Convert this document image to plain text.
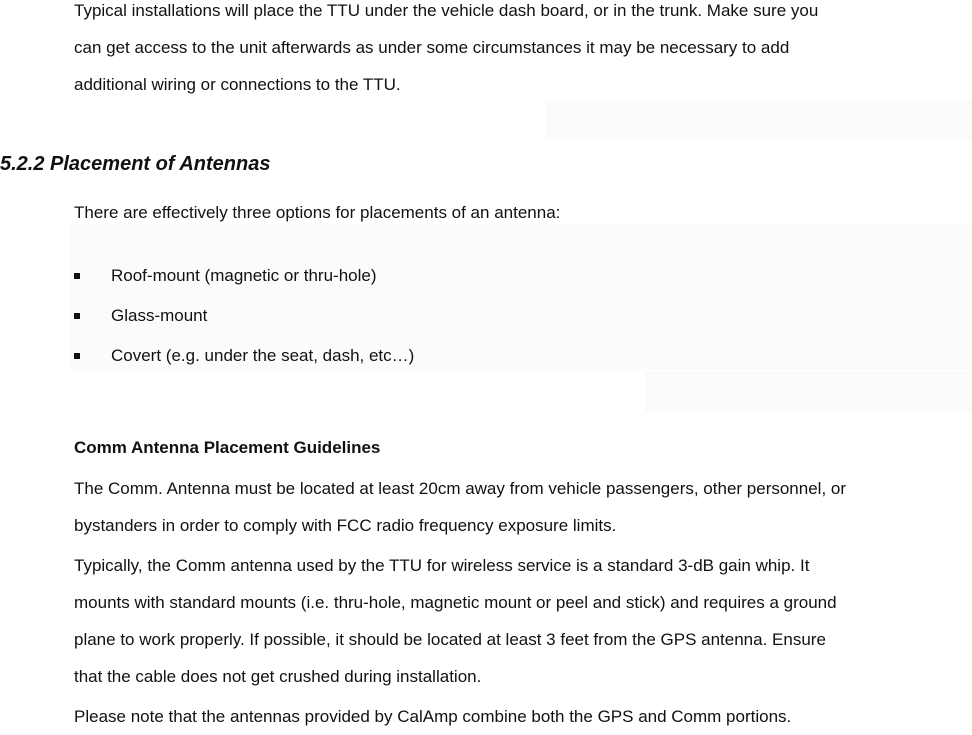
Typical installations will place the TTU under the vehicle dash board, or in the trunk. Make sure you
can get access to the unit afterwards as under some circumstances it may be necessary to add
additional wiring or connections to the TTU.

5.2.2 Placement of Antennas

There are effectively three options for placements of an antenna:

Roof-mount (magnetic or thru-hole)
Glass-mount
Covert (e.g. under the seat, dash, etc…)
Comm Antenna Placement Guidelines

The Comm. Antenna must be located at least 20cm away from vehicle passengers, other personnel, or
bystanders in order to comply with FCC radio frequency exposure limits.

Typically, the Comm antenna used by the TTU for wireless service is a standard 3-dB gain whip. It
mounts with standard mounts (i.e. thru-hole, magnetic mount or peel and stick) and requires a ground
plane to work properly. If possible, it should be located at least 3 feet from the GPS antenna. Ensure
that the cable does not get crushed during installation.

Please note that the antennas provided by CalAmp combine both the GPS and Comm portions.
